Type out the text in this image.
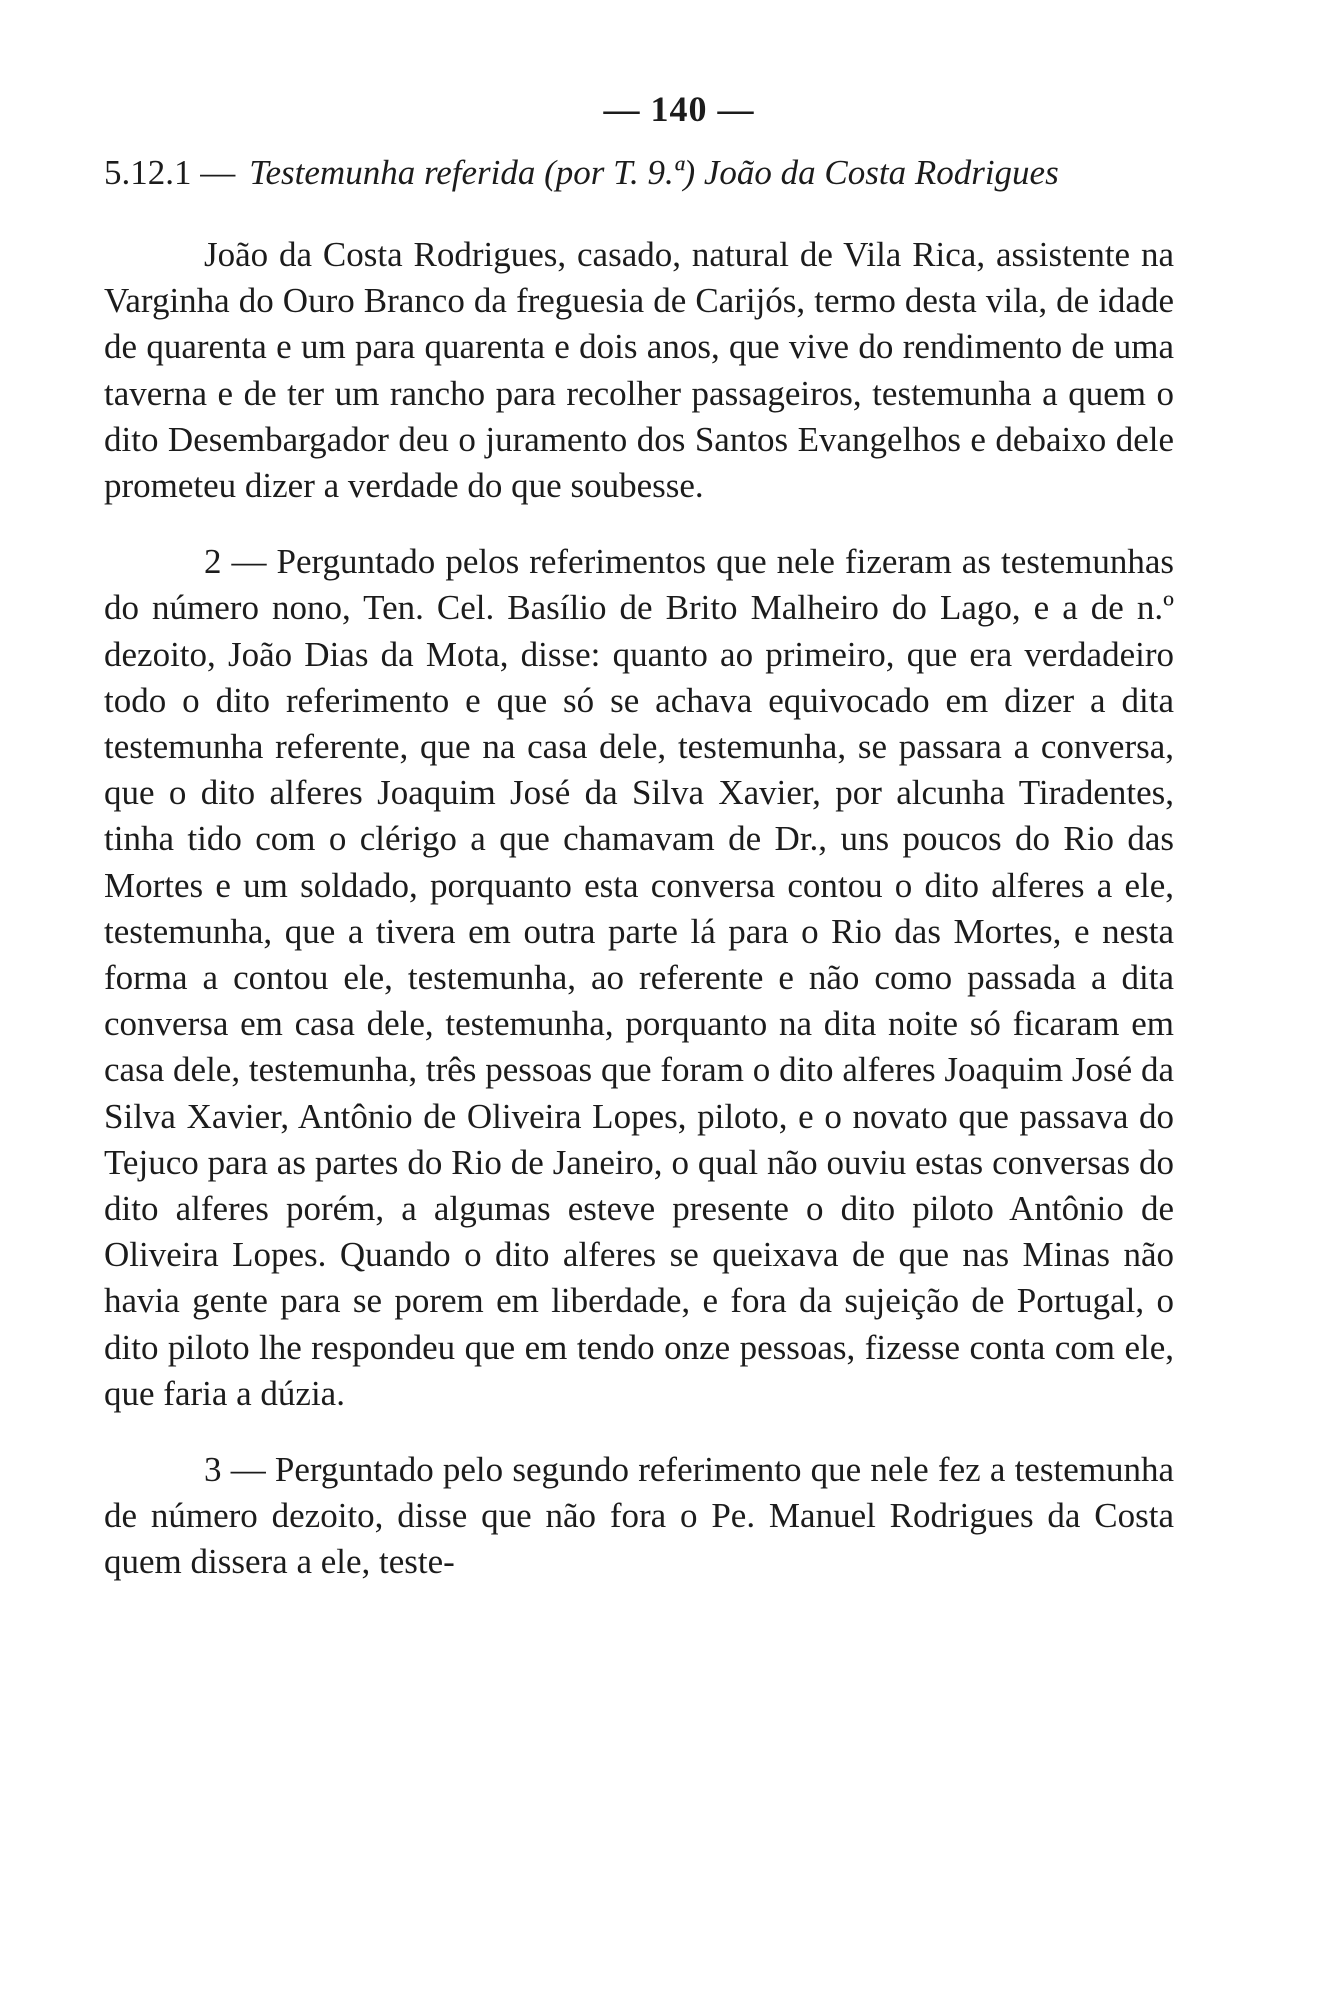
— 140 —
5.12.1 — Testemunha referida (por T. 9.ª) João da Costa Rodrigues

João da Costa Rodrigues, casado, natural de Vila Rica, assistente na Varginha do Ouro Branco da freguesia de Carijós, termo desta vila, de idade de quarenta e um para quarenta e dois anos, que vive do rendimento de uma taverna e de ter um rancho para recolher passageiros, testemunha a quem o dito Desembargador deu o juramento dos Santos Evangelhos e debaixo dele prometeu dizer a verdade do que soubesse.

2 — Perguntado pelos referimentos que nele fizeram as testemunhas do número nono, Ten. Cel. Basílio de Brito Malheiro do Lago, e a de n.º dezoito, João Dias da Mota, disse: quanto ao primeiro, que era verdadeiro todo o dito referimento e que só se achava equivocado em dizer a dita testemunha referente, que na casa dele, testemunha, se passara a conversa, que o dito alferes Joaquim José da Silva Xavier, por alcunha Tiradentes, tinha tido com o clérigo a que chamavam de Dr., uns poucos do Rio das Mortes e um soldado, porquanto esta conversa contou o dito alferes a ele, testemunha, que a tivera em outra parte lá para o Rio das Mortes, e nesta forma a contou ele, testemunha, ao referente e não como passada a dita conversa em casa dele, testemunha, porquanto na dita noite só ficaram em casa dele, testemunha, três pessoas que foram o dito alferes Joaquim José da Silva Xavier, Antônio de Oliveira Lopes, piloto, e o novato que passava do Tejuco para as partes do Rio de Janeiro, o qual não ouviu estas conversas do dito alferes porém, a algumas esteve presente o dito piloto Antônio de Oliveira Lopes. Quando o dito alferes se queixava de que nas Minas não havia gente para se porem em liberdade, e fora da sujeição de Portugal, o dito piloto lhe respondeu que em tendo onze pessoas, fizesse conta com ele, que faria a dúzia.

3 — Perguntado pelo segundo referimento que nele fez a testemunha de número dezoito, disse que não fora o Pe. Manuel Rodrigues da Costa quem dissera a ele, teste-
